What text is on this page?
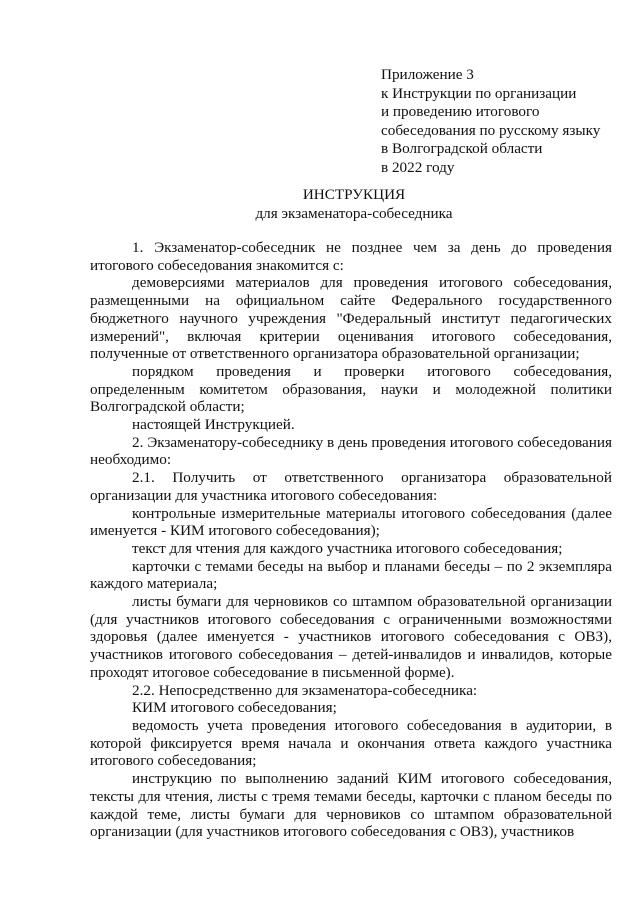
Приложение 3
к Инструкции по организации
и проведению итогового
собеседования по русскому языку
в Волгоградской области
в 2022 году
ИНСТРУКЦИЯ
для экзаменатора-собеседника

1. Экзаменатор-собеседник не позднее чем за день до проведения итогового собеседования знакомится с:

демоверсиями материалов для проведения итогового собеседования, размещенными на официальном сайте Федерального государственного бюджетного научного учреждения "Федеральный институт педагогических измерений", включая критерии оценивания итогового собеседования, полученные от ответственного организатора образовательной организации;

порядком проведения и проверки итогового собеседования, определенным комитетом образования, науки и молодежной политики Волгоградской области;

настоящей Инструкцией.

2. Экзаменатору-собеседнику в день проведения итогового собеседования необходимо:

2.1. Получить от ответственного организатора образовательной организации для участника итогового собеседования:

контрольные измерительные материалы итогового собеседования (далее именуется - КИМ итогового собеседования);

текст для чтения для каждого участника итогового собеседования;

карточки с темами беседы на выбор и планами беседы – по 2 экземпляра каждого материала;

листы бумаги для черновиков со штампом образовательной организации (для участников итогового собеседования с ограниченными возможностями здоровья (далее именуется - участников итогового собеседования с ОВЗ), участников итогового собеседования – детей-инвалидов и инвалидов, которые проходят итоговое собеседование в письменной форме).

2.2. Непосредственно для экзаменатора-собеседника:

КИМ итогового собеседования;

ведомость учета проведения итогового собеседования в аудитории, в которой фиксируется время начала и окончания ответа каждого участника итогового собеседования;

инструкцию по выполнению заданий КИМ итогового собеседования, тексты для чтения, листы с тремя темами беседы, карточки с планом беседы по каждой теме, листы бумаги для черновиков со штампом образовательной организации (для участников итогового собеседования с ОВЗ), участников
